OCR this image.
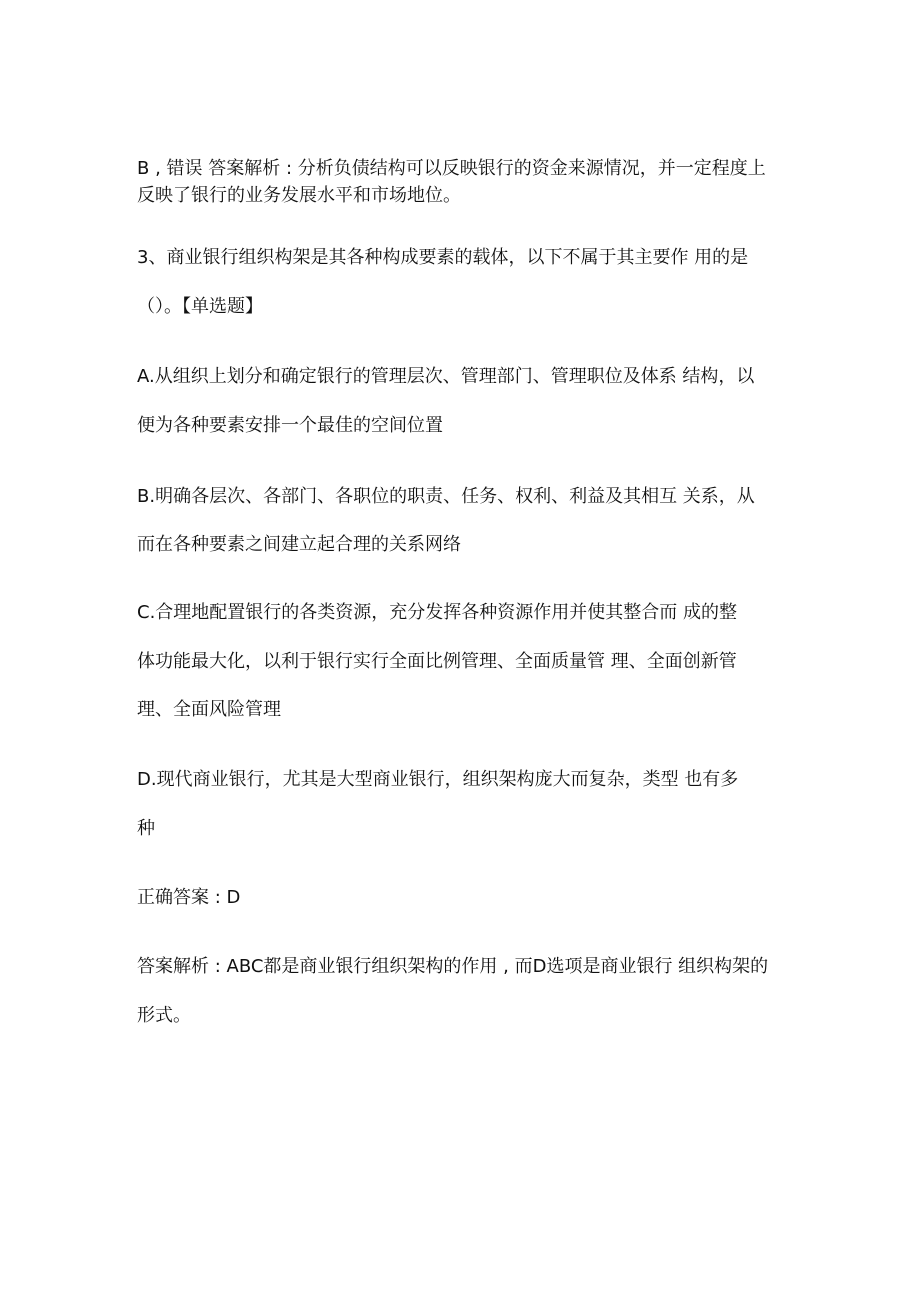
B , 错误 答案解析 : 分析负债结构可以反映银行的资金来源情况，并一定程度上

反映了银行的业务发展水平和市场地位。

3、商业银行组织构架是其各种构成要素的载体，以下不属于其主要作 用的是

（）。【单选题】

A.从组织上划分和确定银行的管理层次、管理部门、管理职位及体系 结构，以

便为各种要素安排一个最佳的空间位置

B.明确各层次、各部门、各职位的职责、任务、权利、利益及其相互 关系，从

而在各种要素之间建立起合理的关系网络

C.合理地配置银行的各类资源，充分发挥各种资源作用并使其整合而 成的整

体功能最大化，以利于银行实行全面比例管理、全面质量管 理、全面创新管

理、全面风险管理

D.现代商业银行，尤其是大型商业银行，组织架构庞大而复杂，类型 也有多

种

正确答案 : D

答案解析 : ABC都是商业银行组织架构的作用 , 而D选项是商业银行 组织构架的

形式。
